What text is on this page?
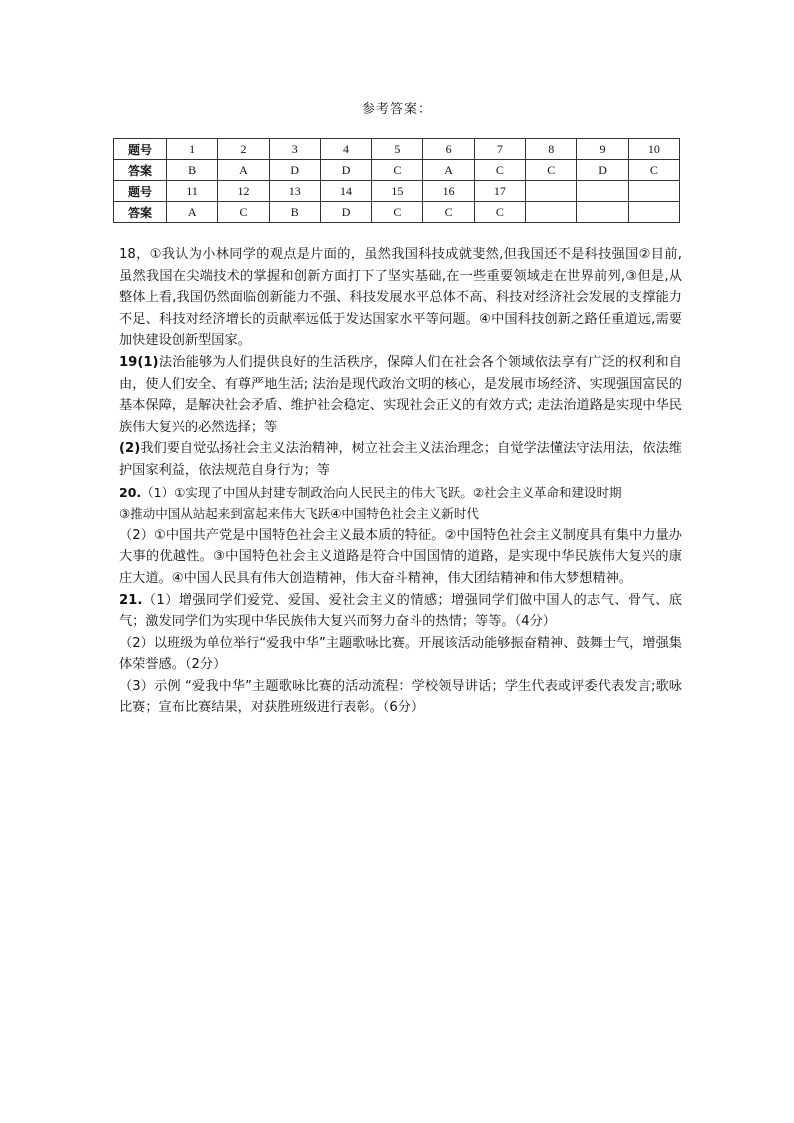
参考答案：
题号	1	2	3	4	5	6	7	8	9	10
答案	B	A	D	D	C	A	C	C	D	C
题号	11	12	13	14	15	16	17			
答案	A	C	B	D	C	C	C			

18，①我认为小林同学的观点是片面的，虽然我国科技成就斐然,但我国还不是科技强国②目前,虽然我国在尖端技术的掌握和创新方面打下了坚实基础,在一些重要领域走在世界前列,③但是,从整体上看,我国仍然面临创新能力不强、科技发展水平总体不高、科技对经济社会发展的支撑能力不足、科技对经济增长的贡献率远低于发达国家水平等问题。④中国科技创新之路任重道远,需要加快建设创新型国家。

19(1)法治能够为人们提供良好的生活秩序，保障人们在社会各个领域依法享有广泛的权利和自由，使人们安全、有尊严地生活; 法治是现代政治文明的核心，是发展市场经济、实现强国富民的基本保障，是解决社会矛盾、维护社会稳定、实现社会正义的有效方式; 走法治道路是实现中华民族伟大复兴的必然选择；等

(2)我们要自觉弘扬社会主义法治精神，树立社会主义法治理念；自觉学法懂法守法用法，依法维护国家利益，依法规范自身行为；等

20.（1）①实现了中国从封建专制政治向人民民主的伟大飞跃。②社会主义革命和建设时期

③推动中国从站起来到富起来伟大飞跃④中国特色社会主义新时代

（2）①中国共产党是中国特色社会主义最本质的特征。②中国特色社会主义制度具有集中力量办大事的优越性。③中国特色社会主义道路是符合中国国情的道路，是实现中华民族伟大复兴的康庄大道。④中国人民具有伟大创造精神，伟大奋斗精神，伟大团结精神和伟大梦想精神。

21.（1）增强同学们爱党、爱国、爱社会主义的情感；增强同学们做中国人的志气、骨气、底气；激发同学们为实现中华民族伟大复兴而努力奋斗的热情；等等。（4分）

（2）以班级为单位举行“爱我中华”主题歌咏比赛。开展该活动能够振奋精神、鼓舞士气，增强集体荣誉感。（2分）

（3）示例 “爱我中华”主题歌咏比赛的活动流程：学校领导讲话；学生代表或评委代表发言;歌咏比赛；宣布比赛结果，对获胜班级进行表彰。（6分）
